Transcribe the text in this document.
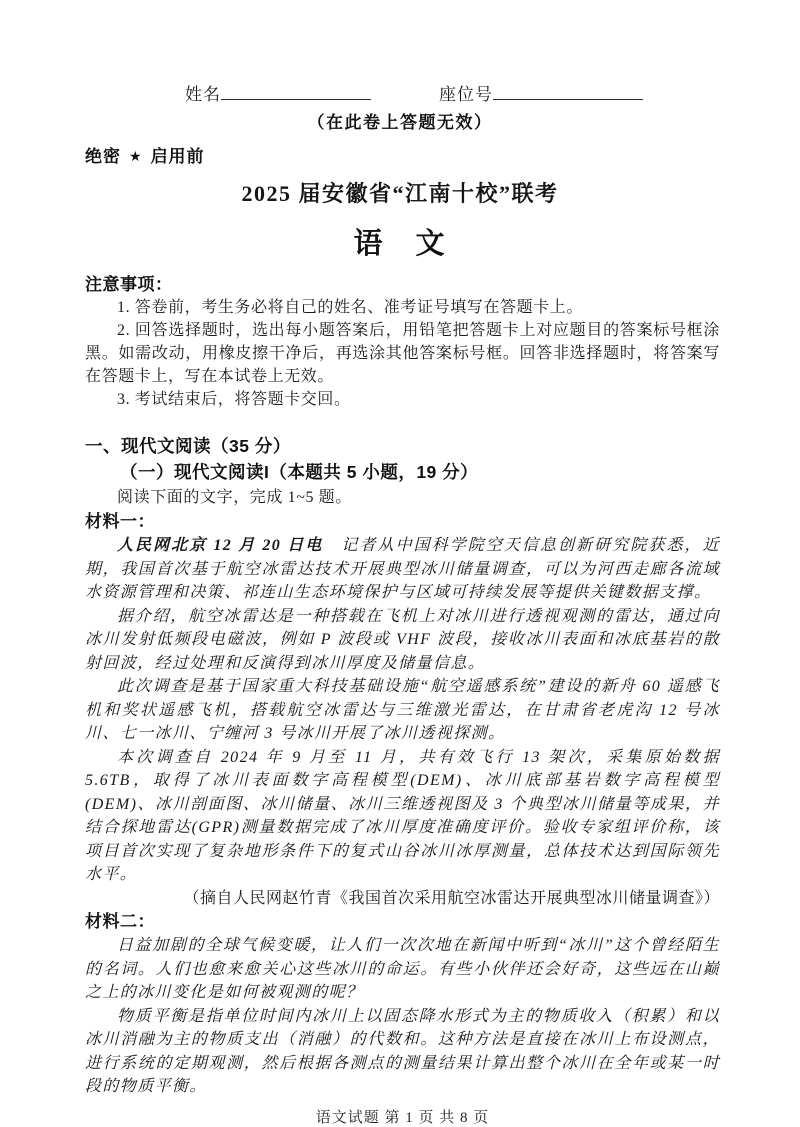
姓名	座位号
（在此卷上答题无效）
绝密 ★ 启用前
2025 届安徽省“江南十校”联考
语　文
注意事项：

1. 答卷前，考生务必将自己的姓名、准考证号填写在答题卡上。

2. 回答选择题时，选出每小题答案后，用铅笔把答题卡上对应题目的答案标号框涂黑。如需改动，用橡皮擦干净后，再选涂其他答案标号框。回答非选择题时，将答案写在答题卡上，写在本试卷上无效。

3. 考试结束后，将答题卡交回。

一、现代文阅读（35 分）
（一）现代文阅读I（本题共 5 小题，19 分）
阅读下面的文字，完成 1~5 题。
材料一：

人民网北京 12 月 20 日电　记者从中国科学院空天信息创新研究院获悉，近期，我国首次基于航空冰雷达技术开展典型冰川储量调查，可以为河西走廊各流域水资源管理和决策、祁连山生态环境保护与区域可持续发展等提供关键数据支撑。

据介绍，航空冰雷达是一种搭载在飞机上对冰川进行透视观测的雷达，通过向冰川发射低频段电磁波，例如 P 波段或 VHF 波段，接收冰川表面和冰底基岩的散射回波，经过处理和反演得到冰川厚度及储量信息。

此次调查是基于国家重大科技基础设施“航空遥感系统”建设的新舟 60 遥感飞机和奖状遥感飞机，搭载航空冰雷达与三维激光雷达，在甘肃省老虎沟 12 号冰川、七一冰川、宁缠河 3 号冰川开展了冰川透视探测。

本次调查自 2024 年 9 月至 11 月，共有效飞行 13 架次，采集原始数据 5.6TB，取得了冰川表面数字高程模型(DEM)、冰川底部基岩数字高程模型(DEM)、冰川剖面图、冰川储量、冰川三维透视图及 3 个典型冰川储量等成果，并结合探地雷达(GPR)测量数据完成了冰川厚度准确度评价。验收专家组评价称，该项目首次实现了复杂地形条件下的复式山谷冰川冰厚测量，总体技术达到国际领先水平。

（摘自人民网赵竹青《我国首次采用航空冰雷达开展典型冰川储量调查》）
材料二：

日益加剧的全球气候变暖，让人们一次次地在新闻中听到“冰川”这个曾经陌生的名词。人们也愈来愈关心这些冰川的命运。有些小伙伴还会好奇，这些远在山巅之上的冰川变化是如何被观测的呢？

物质平衡是指单位时间内冰川上以固态降水形式为主的物质收入（积累）和以冰川消融为主的物质支出（消融）的代数和。这种方法是直接在冰川上布设测点，进行系统的定期观测，然后根据各测点的测量结果计算出整个冰川在全年或某一时段的物质平衡。

语文试题 第 1 页 共 8 页
